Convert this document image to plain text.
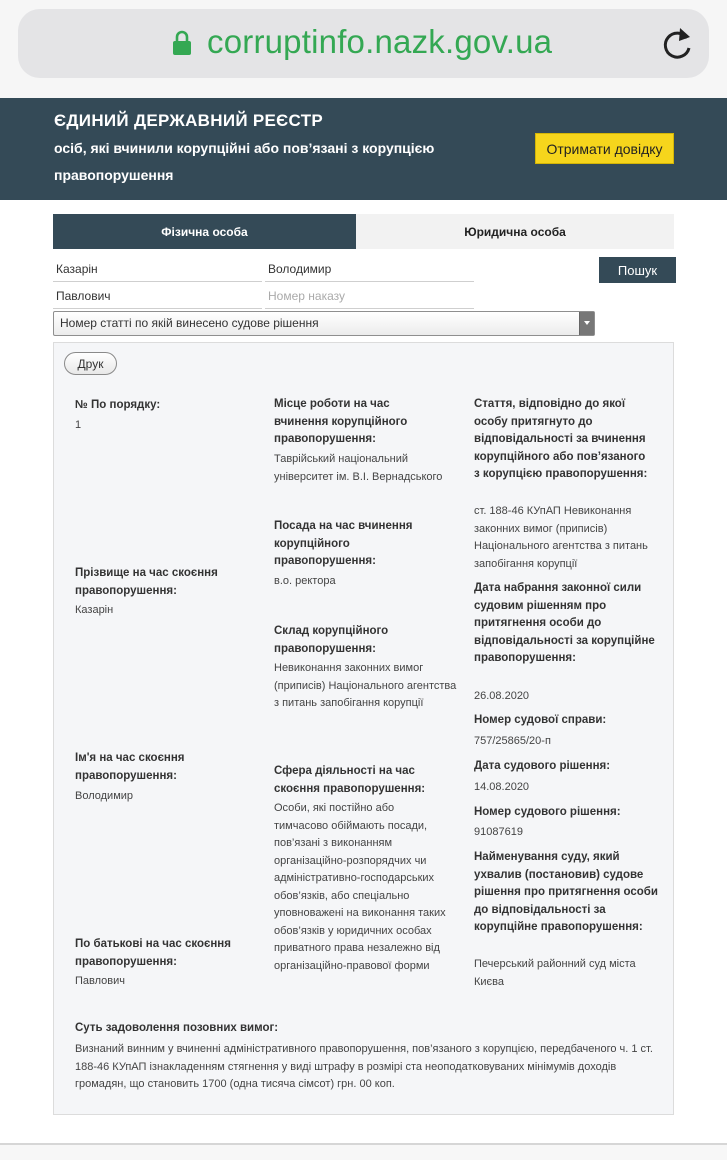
corruptinfo.nazk.gov.ua
ЄДИНИЙ ДЕРЖАВНИЙ РЕЄСТР
осіб, які вчинили корупційні або пов’язані з корупцією
правопорушення
Отримати довідку
Фізична особа	Юридична особа
Казарін	Володимир
Павлович	Номер наказу
Пошук
Номер статті по якій винесено судове рішення
Друк
№ По порядку:
1
Прізвище на час скоєння правопорушення:
Казарін
Ім'я на час скоєння правопорушення:
Володимир
По батькові на час скоєння правопорушення:
Павлович
Місце роботи на час вчинення корупційного правопорушення:
Таврійський національний університет ім. В.І. Вернадського
Посада на час вчинення корупційного правопорушення:
в.о. ректора
Склад корупційного правопорушення:
Невиконання законних вимог (приписів) Національного агентства з питань запобігання корупції
Сфера діяльності на час скоєння правопорушення:
Особи, які постійно або тимчасово обіймають посади, пов’язані з виконанням організаційно-розпорядчих чи адміністративно-господарських обов’язків, або спеціально уповноважені на виконання таких обов’язків у юридичних особах приватного права незалежно від організаційно-правової форми
Стаття, відповідно до якої особу притягнуто до відповідальності за вчинення корупційного або пов’язаного з корупцією правопорушення:
ст. 188-46 КУпАП Невиконання законних вимог (приписів) Національного агентства з питань запобігання корупції
Дата набрання законної сили судовим рішенням про притягнення особи до відповідальності за корупційне правопорушення:
26.08.2020
Номер судової справи:
757/25865/20-п
Дата судового рішення:
14.08.2020
Номер судового рішення:
91087619
Найменування суду, який ухвалив (постановив) судове рішення про притягнення особи до відповідальності за корупційне правопорушення:
Печерський районний суд міста Києва
Суть задоволення позовних вимог:
Визнаний винним у вчиненні адміністративного правопорушення, пов’язаного з корупцією, передбаченого ч. 1 ст. 188-46 КУпАП ізнакладенням стягнення у виді штрафу в розмірі ста неоподатковуваних мінімумів доходів громадян, що становить 1700 (одна тисяча сімсот) грн. 00 коп.
